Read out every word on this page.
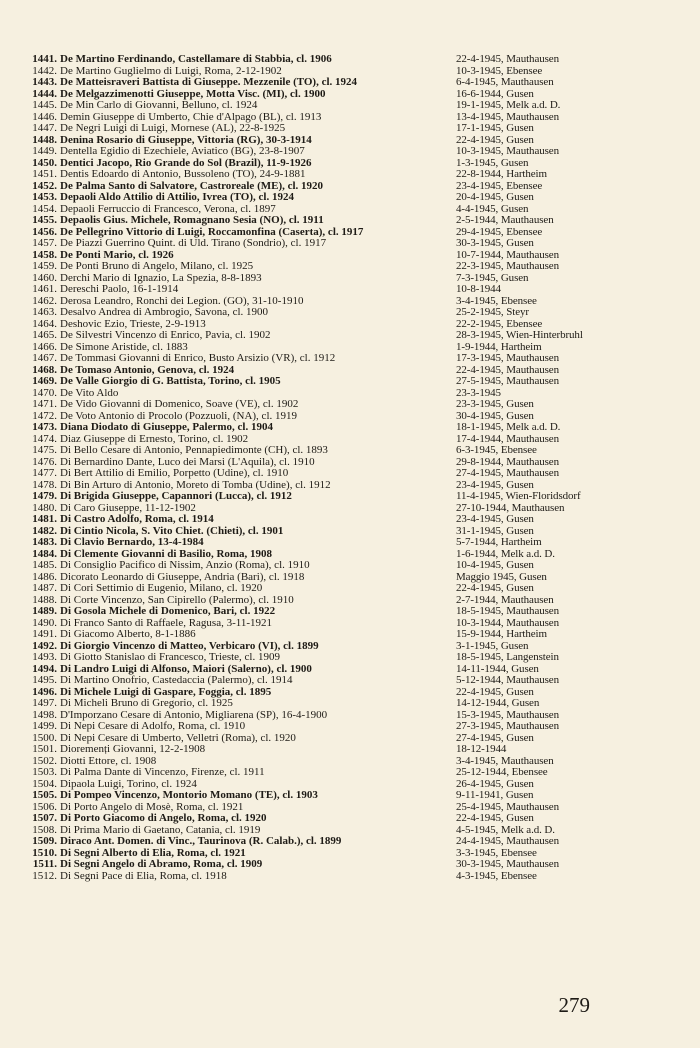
1441. De Martino Ferdinando, Castellamare di Stabbia, cl. 1906	22-4-1945, Mauthausen
1442. De Martino Guglielmo di Luigi, Roma, 2-12-1902	10-3-1945, Ebensee
1443. De Matteisraveri Battista di Giuseppe. Mezzenile (TO), cl. 1924	6-4-1945, Mauthausen
1444. De Melgazzimenotti Giuseppe, Motta Visc. (MI), cl. 1900	16-6-1944, Gusen
1445. De Min Carlo di Giovanni, Belluno, cl. 1924	19-1-1945, Melk a.d. D.
1446. Demin Giuseppe di Umberto, Chie d'Alpago (BL), cl. 1913	13-4-1945, Mauthausen
1447. De Negri Luigi di Luigi, Mornese (AL), 22-8-1925	17-1-1945, Gusen
1448. Denina Rosario di Giuseppe, Vittoria (RG), 30-3-1914	22-4-1945, Gusen
1449. Dentella Egidio di Ezechiele, Aviatico (BG), 23-8-1907	10-3-1945, Mauthausen
1450. Dentici Jacopo, Rio Grande do Sol (Brazil), 11-9-1926	1-3-1945, Gusen
1451. Dentis Edoardo di Antonio, Bussoleno (TO), 24-9-1881	22-8-1944, Hartheim
1452. De Palma Santo di Salvatore, Castroreale (ME), cl. 1920	23-4-1945, Ebensee
1453. Depaoli Aldo Attilio di Attilio, Ivrea (TO), cl. 1924	20-4-1945, Gusen
1454. Depaoli Ferruccio di Francesco, Verona, cl. 1897	4-4-1945, Gusen
1455. Depaolis Gius. Michele, Romagnano Sesia (NO), cl. 1911	2-5-1944, Mauthausen
1456. De Pellegrino Vittorio di Luigi, Roccamonfina (Caserta), cl. 1917	29-4-1945, Ebensee
1457. De Piazzi Guerrino Quint. di Uld. Tirano (Sondrio), cl. 1917	30-3-1945, Gusen
1458. De Ponti Mario, cl. 1926	10-7-1944, Mauthausen
1459. De Ponti Bruno di Angelo, Milano, cl. 1925	22-3-1945, Mauthausen
1460. Derchi Mario di Ignazio, La Spezia, 8-8-1893	7-3-1945, Gusen
1461. Dereschi Paolo, 16-1-1914	10-8-1944
1462. Derosa Leandro, Ronchi dei Legion. (GO), 31-10-1910	3-4-1945, Ebensee
1463. Desalvo Andrea di Ambrogio, Savona, cl. 1900	25-2-1945, Steyr
1464. Deshovic Ezio, Trieste, 2-9-1913	22-2-1945, Ebensee
1465. De Silvestri Vincenzo di Enrico, Pavia, cl. 1902	28-3-1945, Wien-Hinterbruhl
1466. De Simone Aristide, cl. 1883	1-9-1944, Hartheim
1467. De Tommasi Giovanni di Enrico, Busto Arsizio (VR), cl. 1912	17-3-1945, Mauthausen
1468. De Tomaso Antonio, Genova, cl. 1924	22-4-1945, Mauthausen
1469. De Valle Giorgio di G. Battista, Torino, cl. 1905	27-5-1945, Mauthausen
1470. De Vito Aldo	23-3-1945
1471. De Vido Giovanni di Domenico, Soave (VE), cl. 1902	23-3-1945, Gusen
1472. De Voto Antonio di Procolo (Pozzuoli, (NA), cl. 1919	30-4-1945, Gusen
1473. Diana Diodato di Giuseppe, Palermo, cl. 1904	18-1-1945, Melk a.d. D.
1474. Diaz Giuseppe di Ernesto, Torino, cl. 1902	17-4-1944, Mauthausen
1475. Di Bello Cesare di Antonio, Pennapiedimonte (CH), cl. 1893	6-3-1945, Ebensee
1476. Di Bernardino Dante, Luco dei Marsi (L'Aquila), cl. 1910	29-8-1944, Mauthausen
1477. Di Bert Attilio di Emilio, Porpetto (Udine), cl. 1910	27-4-1945, Mauthausen
1478. Di Bin Arturo di Antonio, Moreto di Tomba (Udine), cl. 1912	23-4-1945, Gusen
1479. Di Brigida Giuseppe, Capannori (Lucca), cl. 1912	11-4-1945, Wien-Floridsdorf
1480. Di Caro Giuseppe, 11-12-1902	27-10-1944, Mauthausen
1481. Di Castro Adolfo, Roma, cl. 1914	23-4-1945, Gusen
1482. Di Cintio Nicola, S. Vito Chiet. (Chieti), cl. 1901	31-1-1945, Gusen
1483. Di Clavio Bernardo, 13-4-1984	5-7-1944, Hartheim
1484. Di Clemente Giovanni di Basilio, Roma, 1908	1-6-1944, Melk a.d. D.
1485. Di Consiglio Pacifico di Nissim, Anzio (Roma), cl. 1910	10-4-1945, Gusen
1486. Dicorato Leonardo di Giuseppe, Andria (Bari), cl. 1918	Maggio 1945, Gusen
1487. Di Cori Settimio di Eugenio, Milano, cl. 1920	22-4-1945, Gusen
1488. Di Corte Vincenzo, San Cipirello (Palermo), cl. 1910	2-7-1944, Mauthausen
1489. Di Gosola Michele di Domenico, Bari, cl. 1922	18-5-1945, Mauthausen
1490. Di Franco Santo di Raffaele, Ragusa, 3-11-1921	10-3-1944, Mauthausen
1491. Di Giacomo Alberto, 8-1-1886	15-9-1944, Hartheim
1492. Di Giorgio Vincenzo di Matteo, Verbicaro (VI), cl. 1899	3-1-1945, Gusen
1493. Di Giotto Stanislao di Francesco, Trieste, cl. 1909	18-5-1945, Langenstein
1494. Di Landro Luigi di Alfonso, Maiori (Salerno), cl. 1900	14-11-1944, Gusen
1495. Di Martino Onofrio, Castedaccia (Palermo), cl. 1914	5-12-1944, Mauthausen
1496. Di Michele Luigi di Gaspare, Foggia, cl. 1895	22-4-1945, Gusen
1497. Di Micheli Bruno di Gregorio, cl. 1925	14-12-1944, Gusen
1498. D'Imporzano Cesare di Antonio, Migliarena (SP), 16-4-1900	15-3-1945, Mauthausen
1499. Di Nepi Cesare di Adolfo, Roma, cl. 1910	27-3-1945, Mauthausen
1500. Di Nepi Cesare di Umberto, Velletri (Roma), cl. 1920	27-4-1945, Gusen
1501. Dioremenți Giovanni, 12-2-1908	18-12-1944
1502. Diotti Ettore, cl. 1908	3-4-1945, Mauthausen
1503. Di Palma Dante di Vincenzo, Firenze, cl. 1911	25-12-1944, Ebensee
1504. Dipaola Luigi, Torino, cl. 1924	26-4-1945, Gusen
1505. Di Pompeo Vincenzo, Montorio Momano (TE), cl. 1903	9-11-1941, Gusen
1506. Di Porto Angelo di Mosè, Roma, cl. 1921	25-4-1945, Mauthausen
1507. Di Porto Giacomo di Angelo, Roma, cl. 1920	22-4-1945, Gusen
1508. Di Prima Mario di Gaetano, Catania, cl. 1919	4-5-1945, Melk a.d. D.
1509. Diraco Ant. Domen. di Vinc., Taurinova (R. Calab.), cl. 1899	24-4-1945, Mauthausen
1510. Di Segni Alberto di Elia, Roma, cl. 1921	3-3-1945, Ebensee
1511. Di Segni Angelo di Abramo, Roma, cl. 1909	30-3-1945, Mauthausen
1512. Di Segni Pace di Elia, Roma, cl. 1918	4-3-1945, Ebensee
279
